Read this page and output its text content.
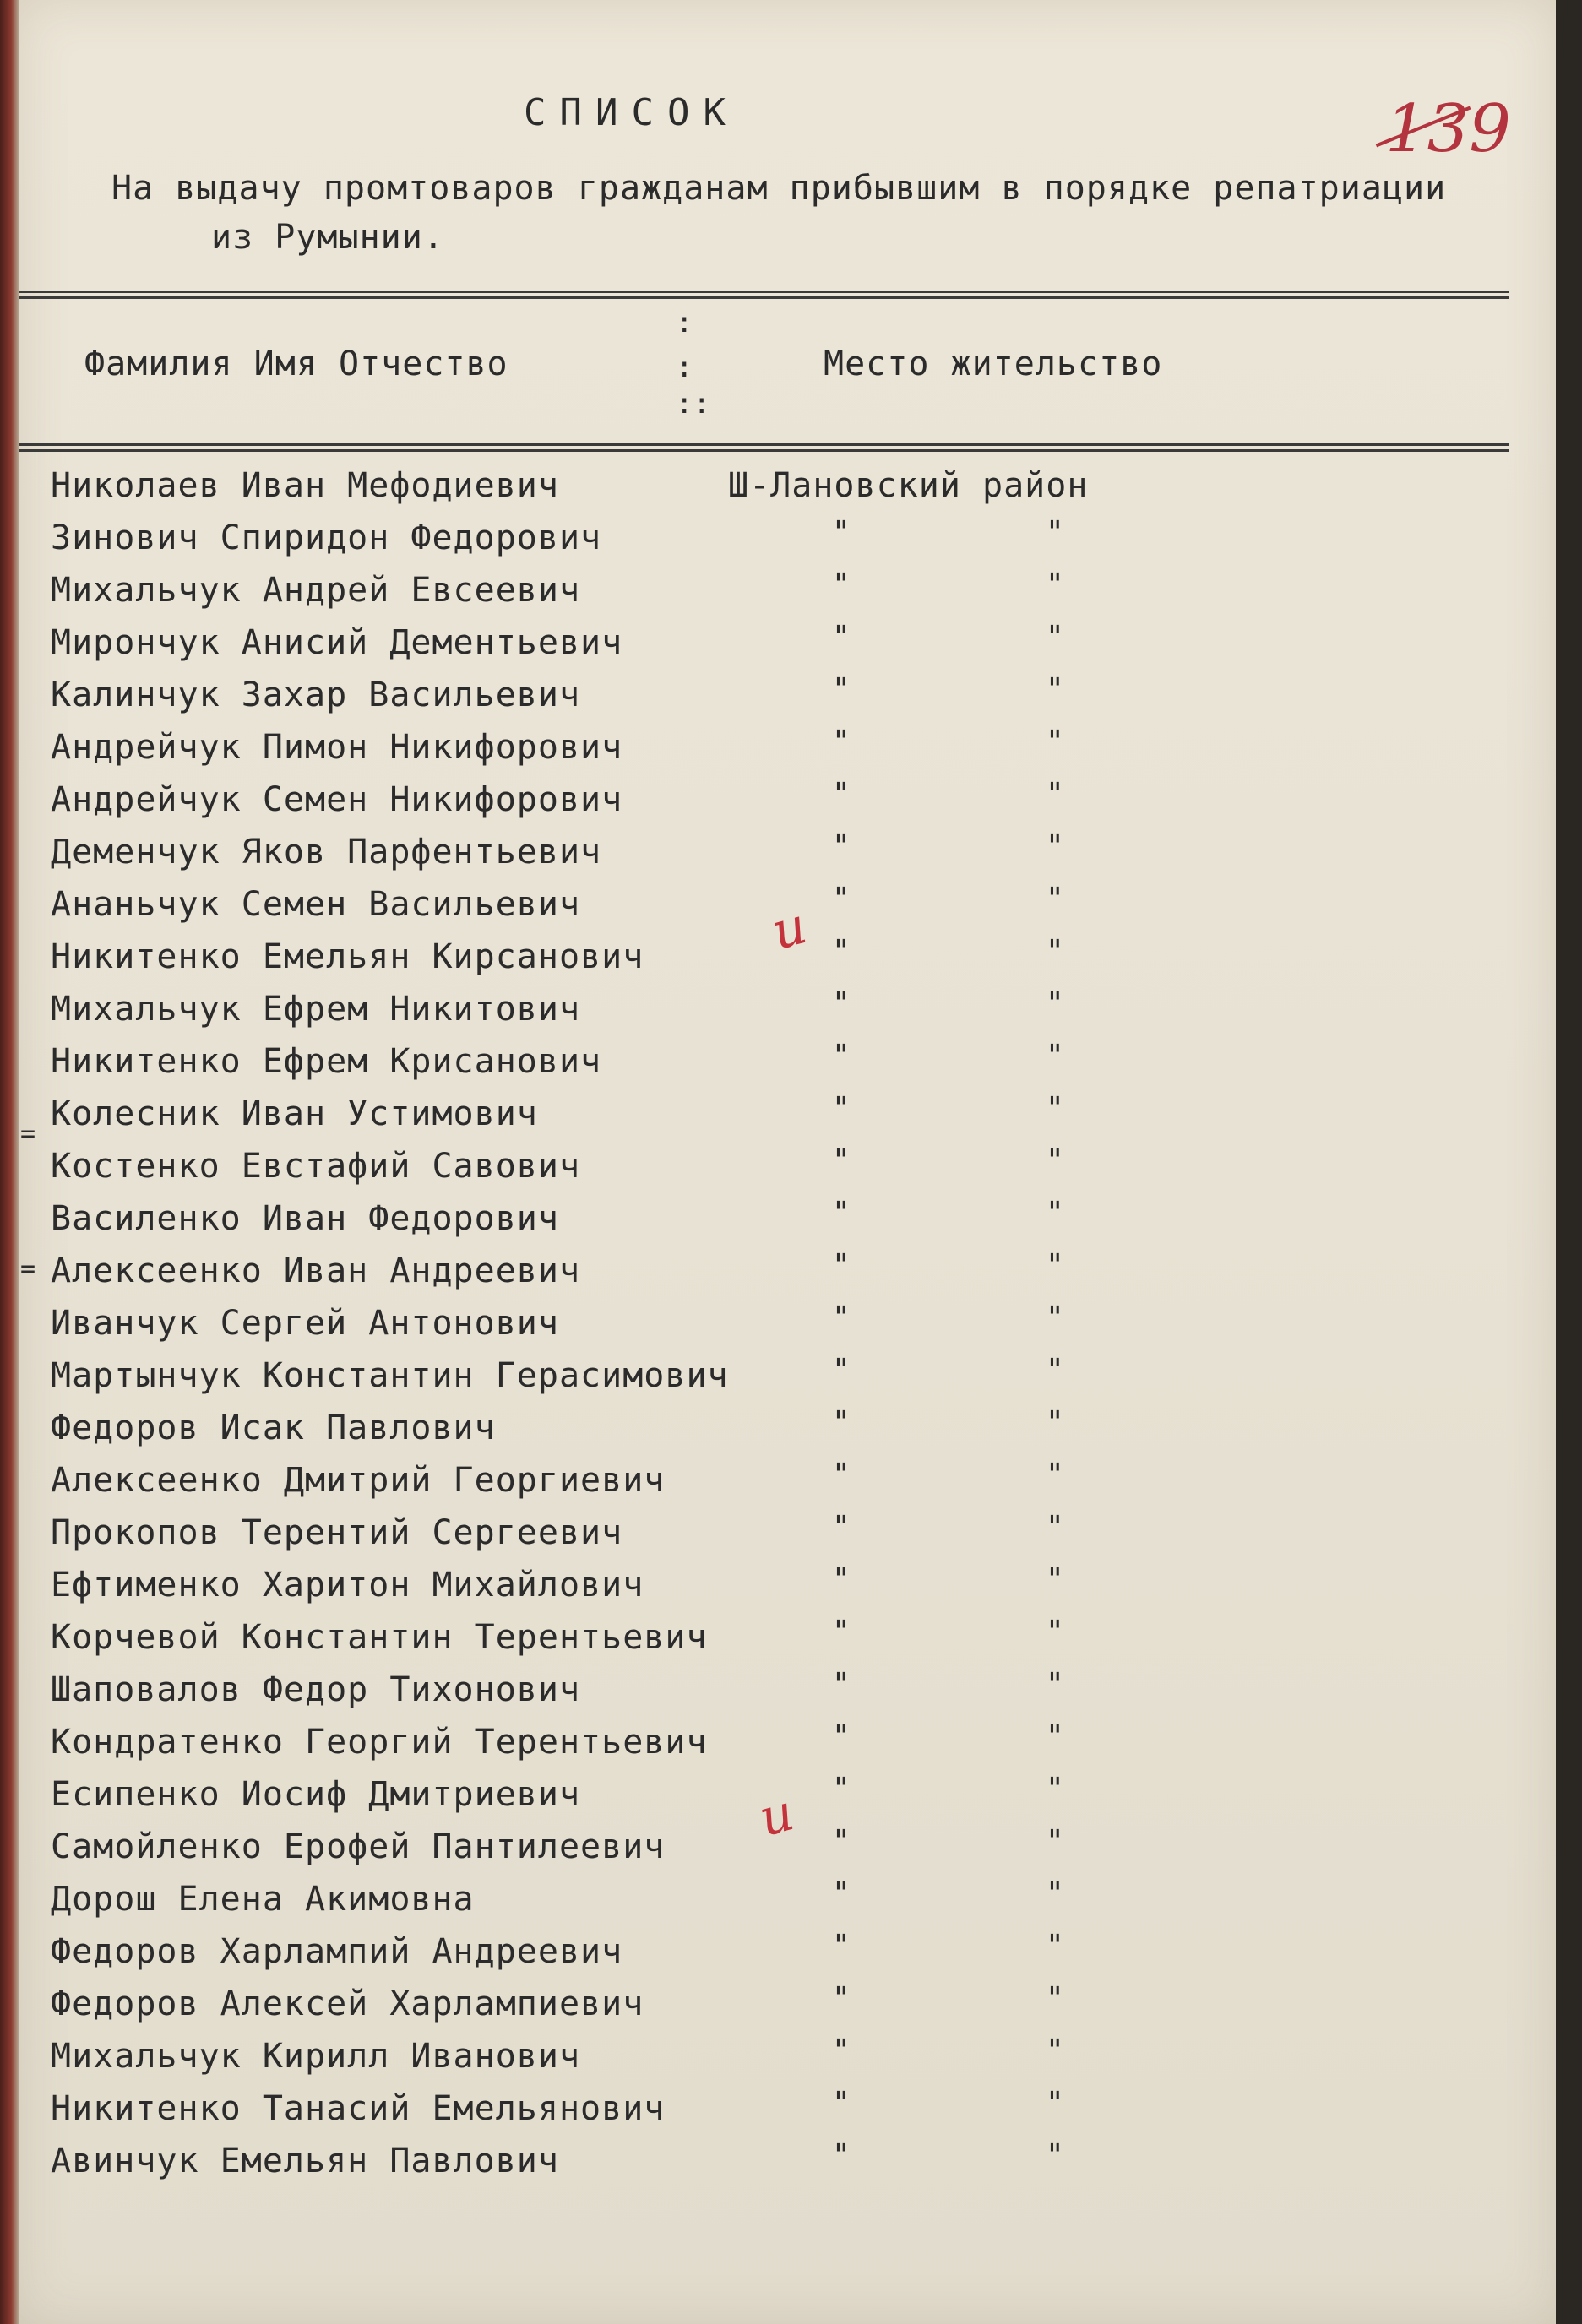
СПИСОК	139
На выдачу промтоваров гражданам прибывшим в порядке репатриации
из Румынии.
Фамилия Имя Отчество
:
:
::
Место жительство
Николаев Иван Мефодиевич	Ш-Лановский район
Зинович Спиридон Федорович	"	"
Михальчук Андрей Евсеевич	"	"
Мирончук Анисий Дементьевич	"	"
Калинчук Захар Васильевич	"	"
Андрейчук Пимон Никифорович	"	"
Андрейчук Семен Никифорович	"	"
Деменчук Яков Парфентьевич	"	"
Ананьчук Семен Васильевич	"	"
Никитенко Емельян Кирсанович	"	"
Михальчук Ефрем Никитович	"	"
Никитенко Ефрем Крисанович	"	"
Колесник Иван Устимович	"	"
Костенко Евстафий Савович	"	"
Василенко Иван Федорович	"	"
Алексеенко Иван Андреевич	"	"
Иванчук Сергей Антонович	"	"
Мартынчук Константин Герасимович	"	"
Федоров Исак Павлович	"	"
Алексеенко Дмитрий Георгиевич	"	"
Прокопов Терентий Сергеевич	"	"
Ефтименко Харитон Михайлович	"	"
Корчевой Константин Терентьевич	"	"
Шаповалов Федор Тихонович	"	"
Кондратенко Георгий Терентьевич	"	"
Есипенко Иосиф Дмитриевич	"	"
Самойленко Ерофей Пантилеевич	"	"
Дорош Елена Акимовна	"	"
Федоров Харлампий Андреевич	"	"
Федоров Алексей Харлампиевич	"	"
Михальчук Кирилл Иванович	"	"
Никитенко Танасий Емельянович	"	"
Авинчук Емельян Павлович	"	"
и
и
=
=
